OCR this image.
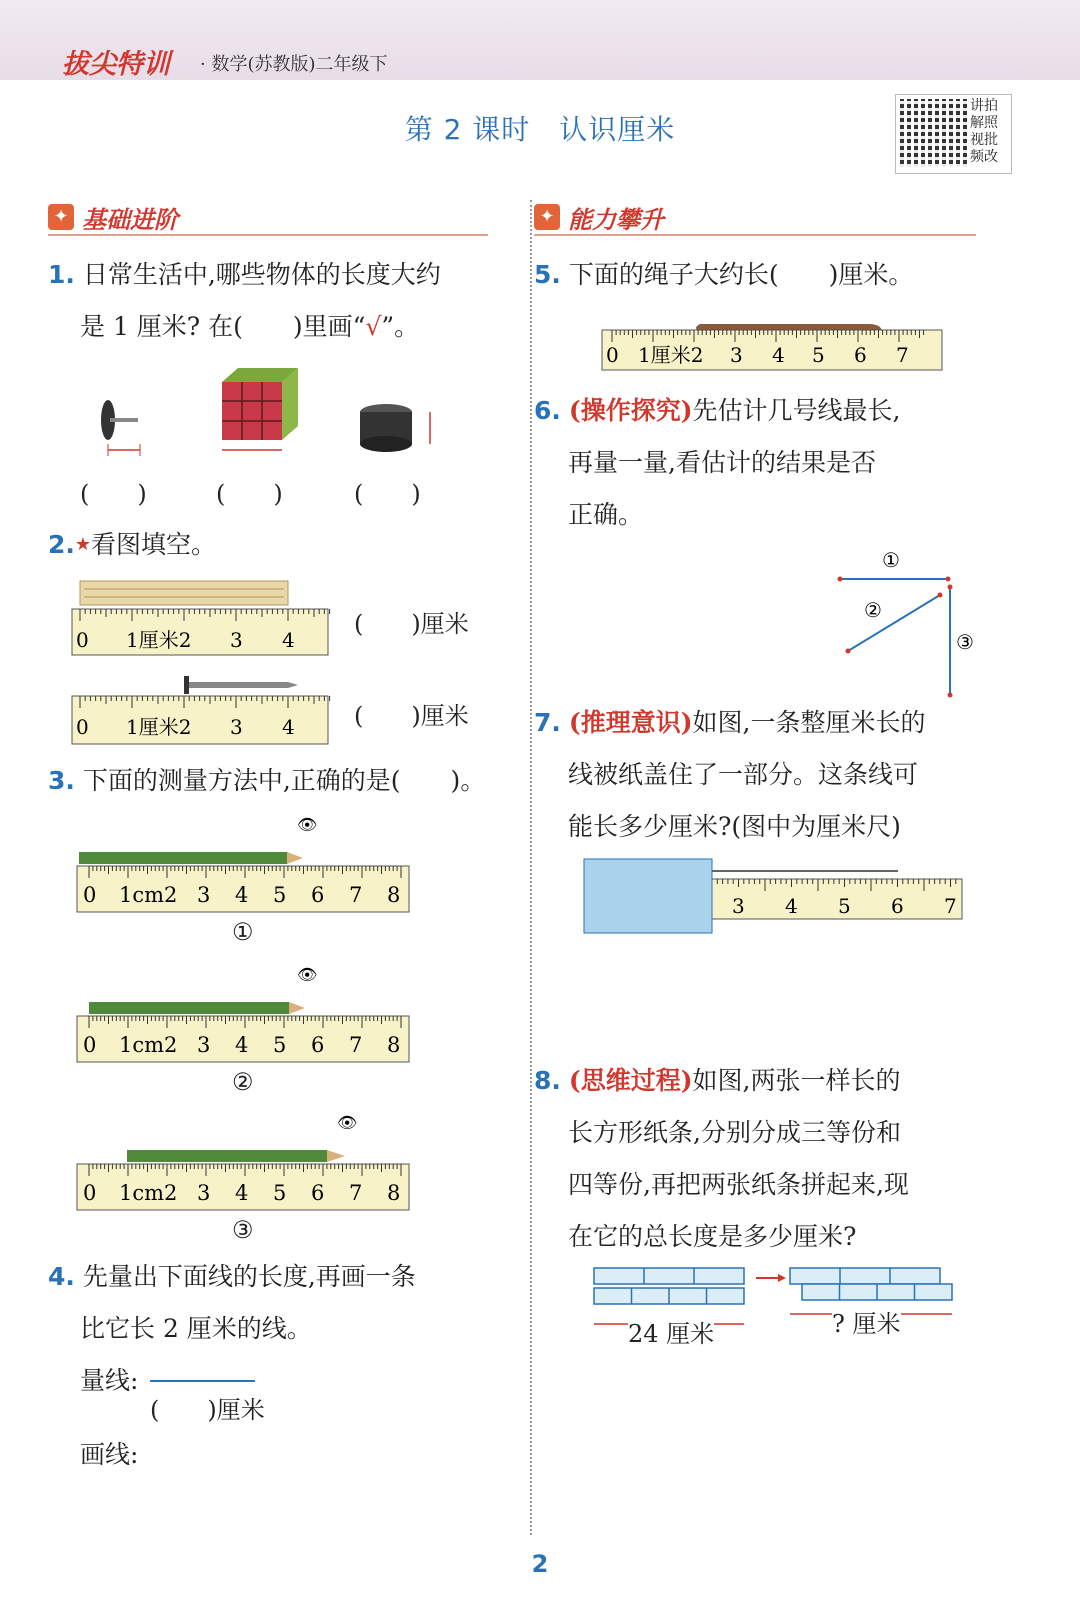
拔尖特训 · 数学(苏教版)二年级下
第 2 课时　认识厘米
讲拍解照视批频改
✦ 基础进阶	✦ 能力攀升
1. 日常生活中,哪些物体的长度大约
是 1 厘米? 在(　　)里画“√”。
(　　)	(　　)	(　　)
2.★看图填空。
0 1厘米2 3 4
(　　)厘米
0 1厘米2 3 4 (　　)厘米
3. 下面的测量方法中,正确的是(　　)。
👁
0 1cm2 3 4 5 6 7 8
①
👁
0 1cm2 3 4 5 6 7 8
②
👁
0 1cm2 3 4 5 6 7 8
③
4. 先量出下面线的长度,再画一条
比它长 2 厘米的线。
量线:
(　　)厘米
画线:
5. 下面的绳子大约长(　　)厘米。
0 1厘米2 3 4 5 6 7
6. (操作探究)先估计几号线最长,
再量一量,看估计的结果是否
正确。
①
②
③
7. (推理意识)如图,一条整厘米长的
线被纸盖住了一部分。这条线可
能长多少厘米?(图中为厘米尺)
3 4 5 6 7
8. (思维过程)如图,两张一样长的
长方形纸条,分别分成三等份和
四等份,再把两张纸条拼起来,现
在它的总长度是多少厘米?
24 厘米	? 厘米
2
